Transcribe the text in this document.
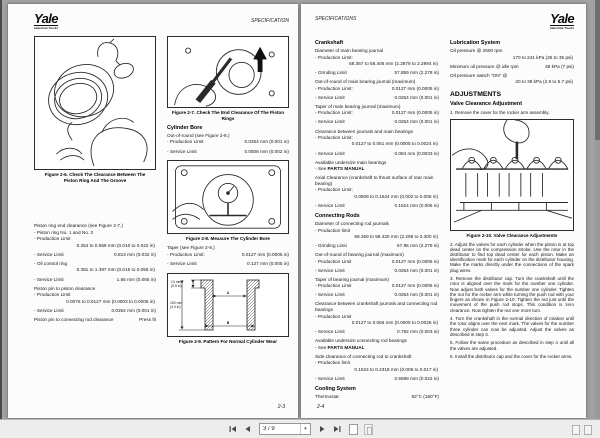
Yale
Industrial Trucks
SPECIFICATION
Figure 2-6. Check The Clearance Between The Piston Ring And The Groove
Piston ring end clearance (see Figure 2-7.)
- Piston ring No. 1 and No. 2
- Production Limit
0.254 to 0.559 mm (0.010 to 0.022 in)
- Service Limit	0.813 mm (0.032 in)
- Oil control ring
0.381 to 1.397 mm (0.015 to 0.055 in)
- Service Limit	1.65 mm (0.065 in)
Piston pin to piston clearance
- Production Limit
0.0076 to 0.0127 mm (0.0003 to 0.0005 in)
- Service Limit	0.0254 mm (0.001 in)
Piston pin to connecting rod clearance	Press fit
Figure 2-7. Check The End Clearance Of The Piston Rings
Cylinder Bore
Out-of-round (see Figure 2-8.)
- Production Limit	0.0254 mm (0.001 in)
- Service Limit	0.0508 mm (0.002 in)
Figure 2-8. Measure The Cylinder Bore
Taper (see Figure 2-9.)
- Production Limit:	0.0127 mm (0.0005 in)
- Service Limit	0.127 mm (0.005 in)
13 mm
(0.5 in)
100 mm
(4.0 in)
A
B
Figure 2-9. Pattern For Normal Cylinder Wear
2-3
SPECIFICATIONS	Yale
Industrial Trucks
Crankshaft
Diameter of main bearing journal
- Production Limit:
58.367 to 58.405 mm (2.2979 to 2.2994 in)
- Grinding Limit	57.859 mm (2.278 in)
Out-of-round of main bearing journal (maximum)
- Production Limit:	0.0127 mm (0.0005 in)
- Service Limit	0.0254 mm (0.001 in)
Taper of main bearing journal (maximum)
- Production Limit:	0.0127 mm (0.0005 in)
- Service Limit	0.0254 mm (0.001 in)
Clearance between journals and main bearings
- Production Limit:
0.0127 to 0.061 mm (0.0005 to 0.0024 in)
- Service Limit	0.084 mm (0.0033 in)
Available undersize main bearings
- See PARTS MANUAL
Axial Clearance (crankshaft to thrust surface of rear main bearing)
- Production Limit:
0.0508 to 0.1524 mm (0.002 to 0.006 in)
- Service Limit	0.1524 mm (0.006 in)
Connecting Rods
Diameter of connecting rod journals
- Production limit
58.369 to 58.420 mm (2.298 to 2.300 in)
- Grinding Limit	57.86 mm (2.279 in)
Out-of-round of bearing journal (maximum)
- Production Limit	0.0127 mm (0.0005 in)
- Service Limit	0.0254 mm (0.001 in)
Taper of bearing journal (maximum)
- Production Limit	0.0127 mm (0.0005 in)
- Service Limit	0.0254 mm (0.001 in)
Clearance between crankshaft journals and connecting rod bearings
- Production Limit
0.0127 to 0.066 mm (0.0005 to 0.0026 in)
- Service Limit	0.762 mm (0.003 in)
Available undersize connecting rod bearings
- See PARTS MANUAL
Side clearance of connecting rod to crankshaft
- Production limit
0.1524 to 0.4318 mm (0.006 to 0.017 in)
- Service Limit	0.5588 mm (0.022 in)
Cooling System
Thermostat	82°C (180°F)
Lubrication System
Oil pressure @ 2500 rpm
170 to 241 kPa (25 to 35 psi)
Minimum oil pressure @ idle rpm	48 kPa (7 psi)
Oil pressure switch "ON" @
20 to 39 kPa (2.9 to 5.7 psi)
ADJUSTMENTS
Valve Clearance Adjustment
1. Remove the cover for the rocker arm assembly.
Figure 2-10. Valve Clearance Adjustments

2. Adjust the valves for each cylinder when the piston is at top dead center on the compression stroke. Use the rotor in the distributor to find top dead center for each piston. Make an identification mark for each cylinder on the distributor housing. Make the marks directly under the connections of the spark plug wires.

3. Remove the distributor cap. Turn the crankshaft until the rotor is aligned over the mark for the number one cylinder. Now adjust both valves for the number one cylinder. Tighten the nut for the rocker arm while turning the push rod with your fingers as shown in Figure 2-10. Tighten the nut just until the movement of the push rod stops. This condition is zero clearance. Now tighten the nut one more turn.

4. Turn the crankshaft in the normal direction of rotation until the rotor aligns over the next mark. The valves for the number three cylinder can now be adjusted. Adjust the valves as described in step 3.

5. Follow the same procedure as described in step 4 until all the valves are adjusted.

6. Install the distributor cap and the cover for the rocker arms.

2-4
3 / 9
▾
